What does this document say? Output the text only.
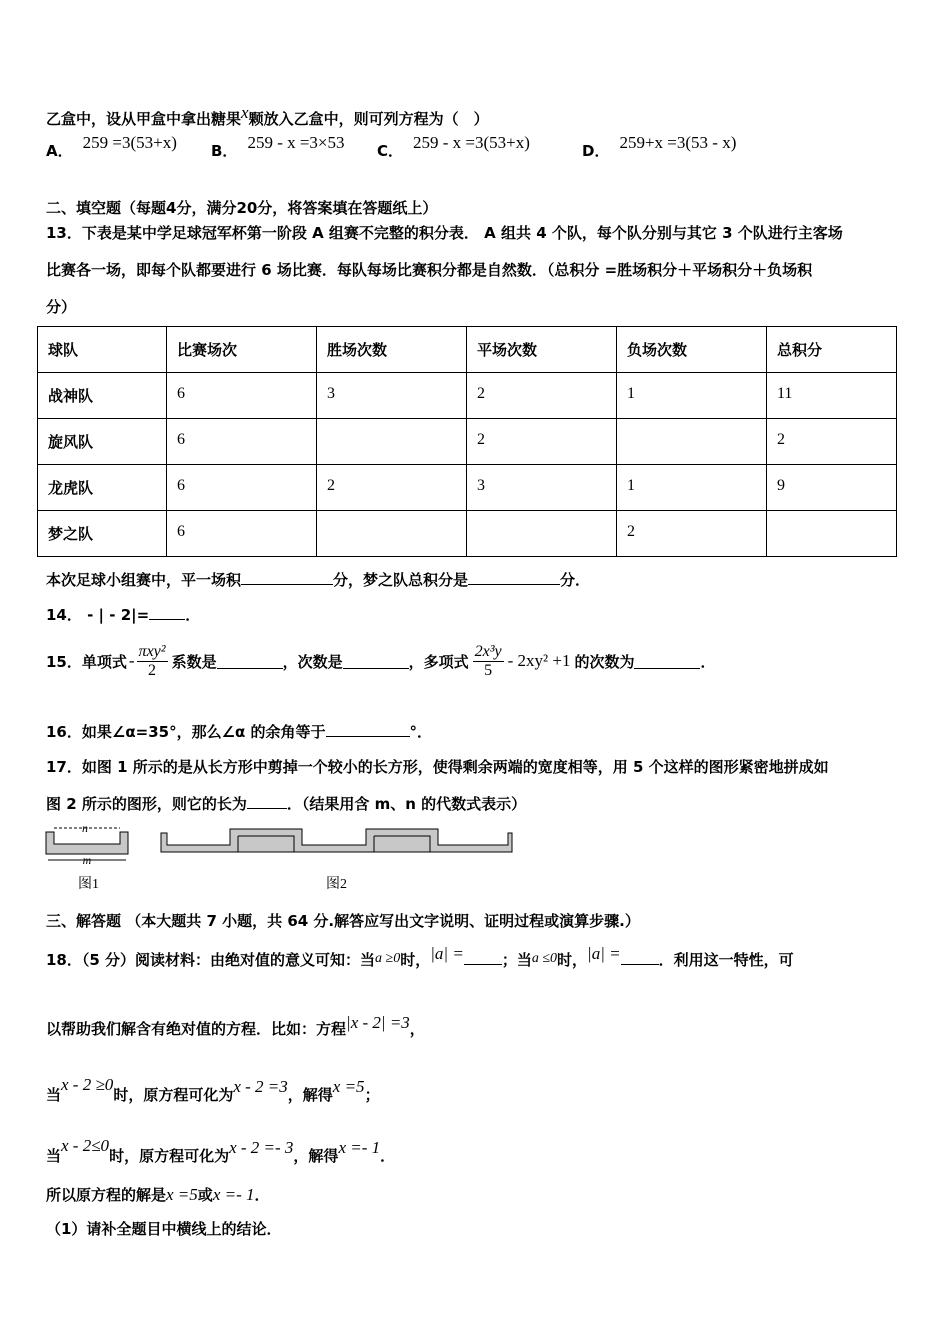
乙盒中，设从甲盒中拿出糖果$^x$颗放入乙盒中，则可列方程为（　）
A． 259 =3(53+x) B． 259 - x =3×53 C． 259 - x =3(53+x)	D． 259+x =3(53 - x)
二、填空题（每题4分，满分20分，将答案填在答题纸上）
13．下表是某中学足球冠军杯第一阶段 A 组赛不完整的积分表． A 组共 4 个队，每个队分别与其它 3 个队进行主客场
比赛各一场，即每个队都要进行 6 场比赛．每队每场比赛积分都是自然数．（总积分 =胜场积分＋平场积分＋负场积
分）
球队	比赛场次	胜场次数	平场次数	负场次数	总积分
战神队	6	3	2	1	11
旋风队	6		2		2
龙虎队	6	2	3	1	9
梦之队	6			2	
本次足球小组赛中，平一场积	分，梦之队总积分是	分．
14． - | - 2|= ．
15．单项式 - $\frac{\text{πxy²}}{2}$ 系数是	，次数是	，多项式 $\frac{\text{2x³y}}{5} - 2xy^2 +1$ 的次数为	．
16．如果∠α=35°，那么∠α 的余角等于	°．
17．如图 1 所示的是从长方形中剪掉一个较小的长方形，使得剩余两端的宽度相等，用 5 个这样的图形紧密地拼成如
图 2 所示的图形，则它的长为	．（结果用含 m、n 的代数式表示）
n
m
图1	图2
三、解答题 （本大题共 7 小题，共 64 分.解答应写出文字说明、证明过程或演算步骤.）
18．（5 分）阅读材料：由绝对值的意义可知：当a ≥0时，|a| =	；当a ≤0时，|a| =	．利用这一特性，可
以帮助我们解含有绝对值的方程．比如：方程|x - 2| =3，
当x - 2 ≥0时，原方程可化为x - 2 =3，解得x =5；
当x - 2≤0时，原方程可化为x - 2 =- 3，解得x =- 1．
所以原方程的解是x =5或x =- 1．
（1）请补全题目中横线上的结论．
